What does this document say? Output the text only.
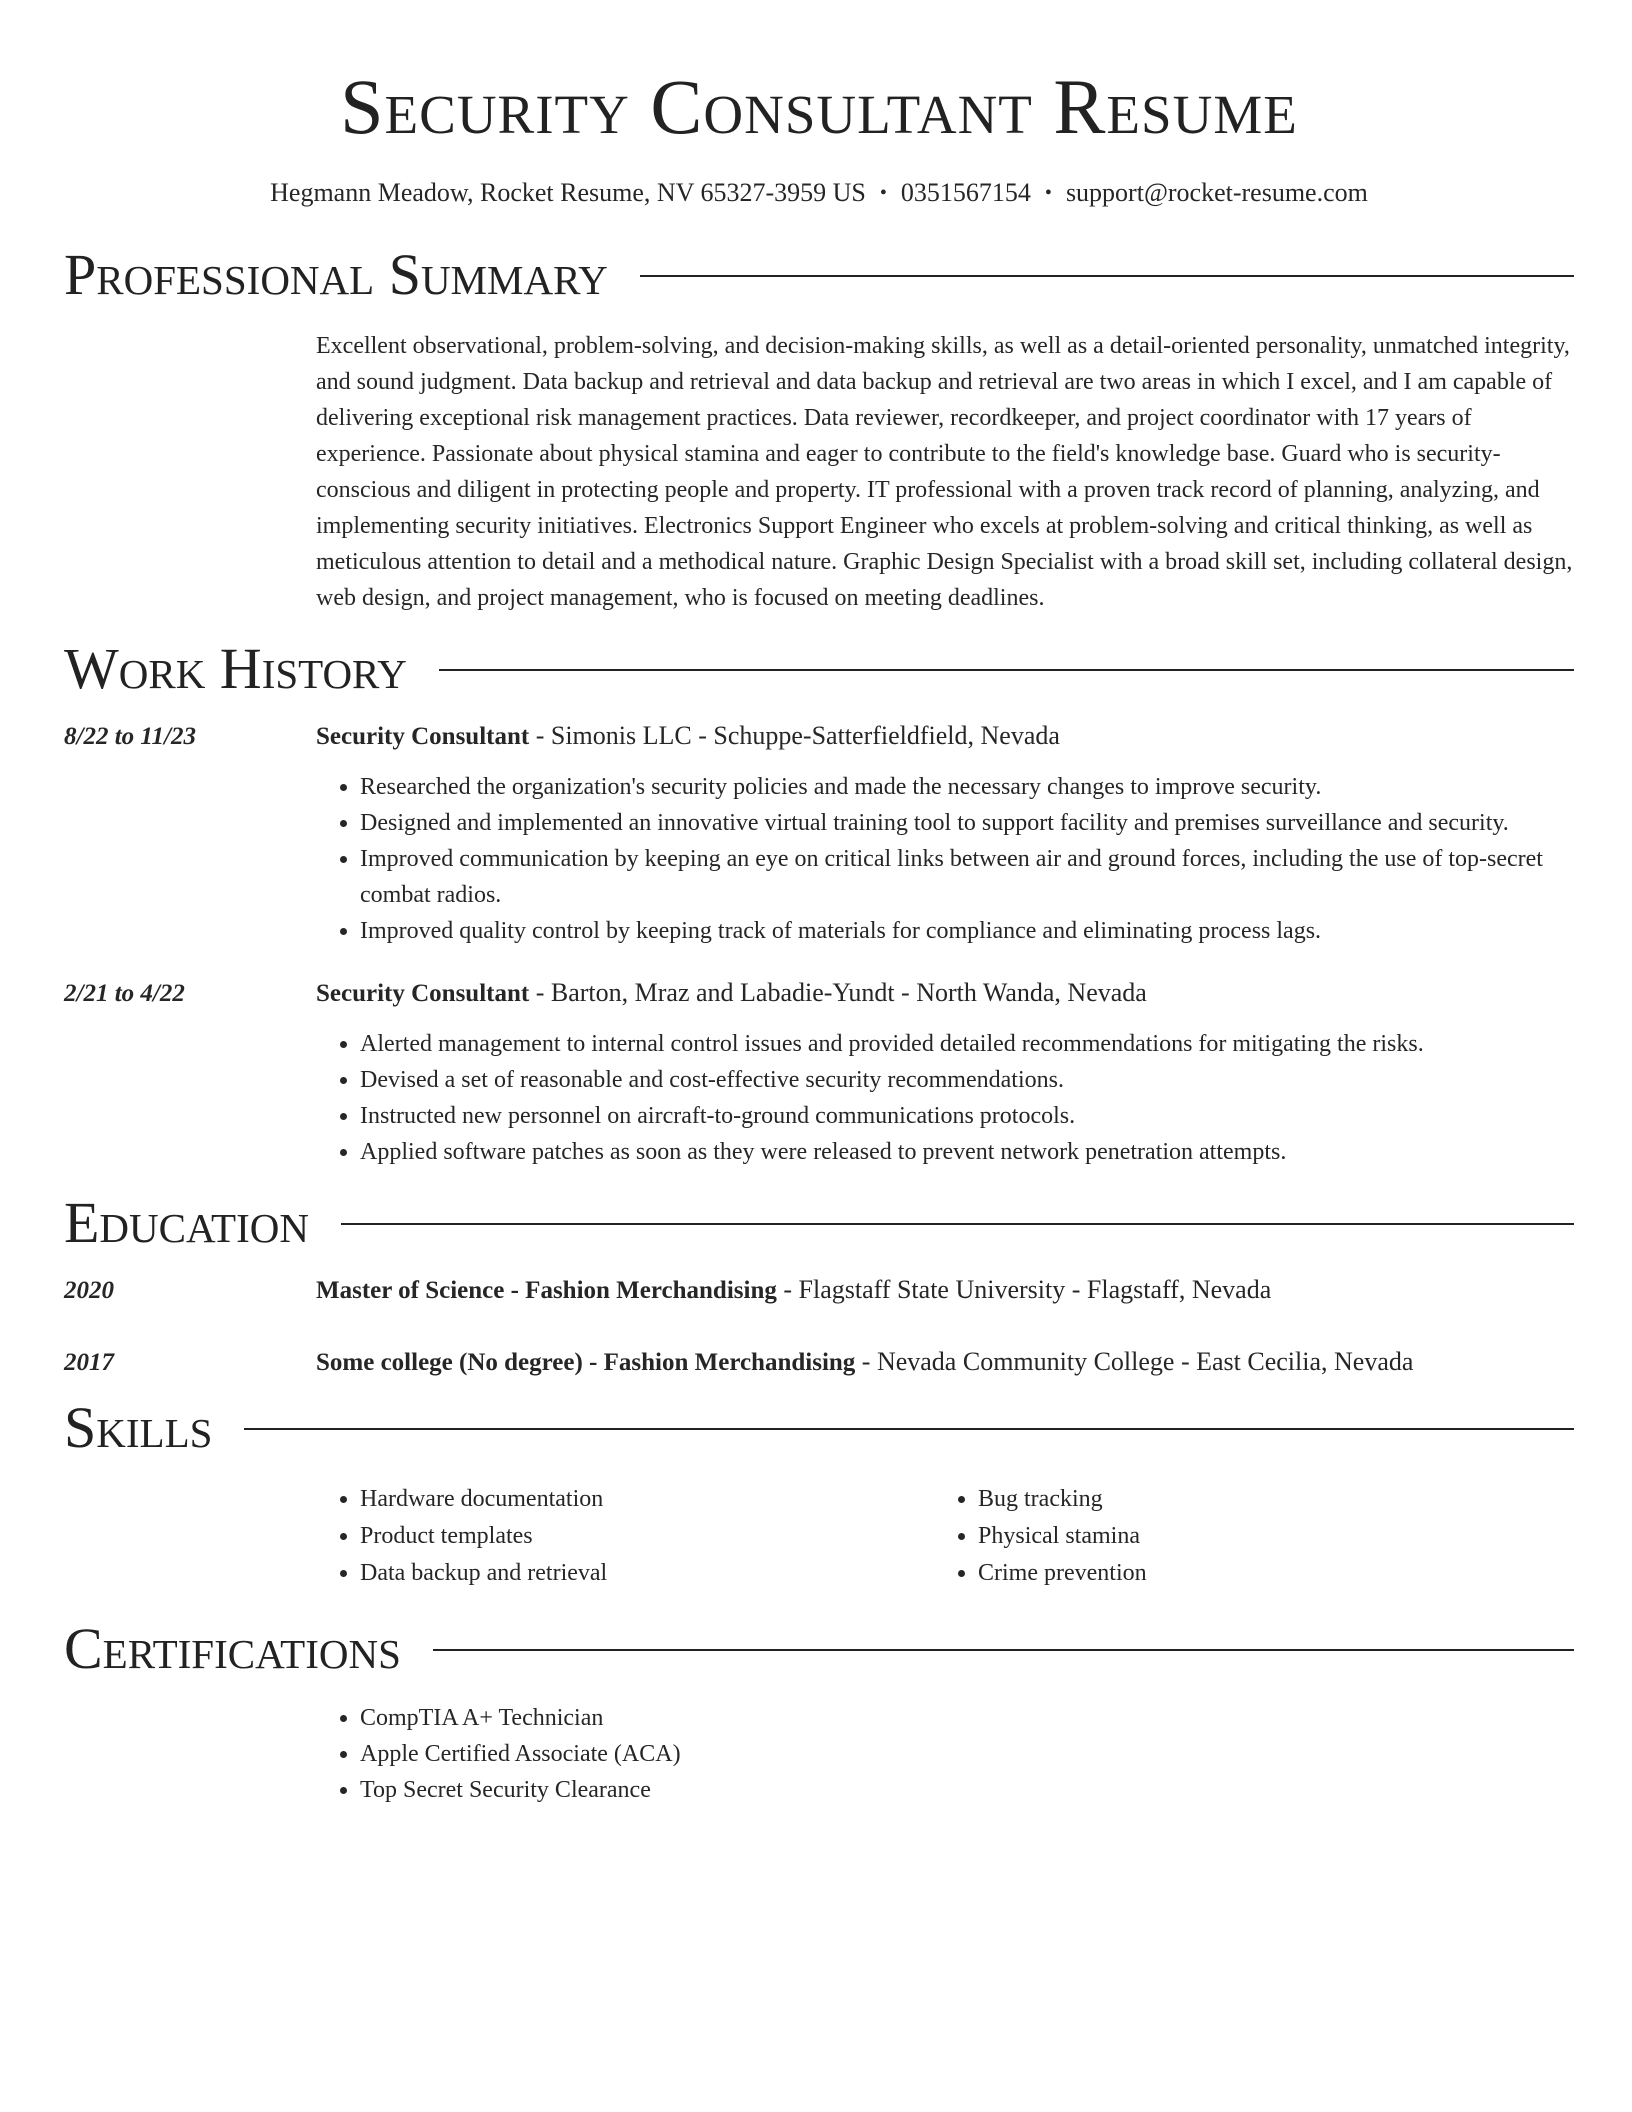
Security Consultant Resume
Hegmann Meadow, Rocket Resume, NV 65327-3959 US • 0351567154 • support@rocket-resume.com
Professional Summary
Excellent observational, problem-solving, and decision-making skills, as well as a detail-oriented personality, unmatched integrity, and sound judgment. Data backup and retrieval and data backup and retrieval are two areas in which I excel, and I am capable of delivering exceptional risk management practices. Data reviewer, recordkeeper, and project coordinator with 17 years of experience. Passionate about physical stamina and eager to contribute to the field's knowledge base. Guard who is security-conscious and diligent in protecting people and property. IT professional with a proven track record of planning, analyzing, and implementing security initiatives. Electronics Support Engineer who excels at problem-solving and critical thinking, as well as meticulous attention to detail and a methodical nature. Graphic Design Specialist with a broad skill set, including collateral design, web design, and project management, who is focused on meeting deadlines.
Work History
8/22 to 11/23	Security Consultant - Simonis LLC - Schuppe-Satterfieldfield, Nevada
• Researched the organization's security policies and made the necessary changes to improve security.
• Designed and implemented an innovative virtual training tool to support facility and premises surveillance and security.
• Improved communication by keeping an eye on critical links between air and ground forces, including the use of top-secret combat radios.
• Improved quality control by keeping track of materials for compliance and eliminating process lags.
2/21 to 4/22	Security Consultant - Barton, Mraz and Labadie-Yundt - North Wanda, Nevada
• Alerted management to internal control issues and provided detailed recommendations for mitigating the risks.
• Devised a set of reasonable and cost-effective security recommendations.
• Instructed new personnel on aircraft-to-ground communications protocols.
• Applied software patches as soon as they were released to prevent network penetration attempts.
Education
2020	Master of Science - Fashion Merchandising - Flagstaff State University - Flagstaff, Nevada
2017	Some college (No degree) - Fashion Merchandising - Nevada Community College - East Cecilia, Nevada
Skills
• Hardware documentation
• Product templates
• Data backup and retrieval
• Bug tracking
• Physical stamina
• Crime prevention
Certifications
• CompTIA A+ Technician
• Apple Certified Associate (ACA)
• Top Secret Security Clearance
